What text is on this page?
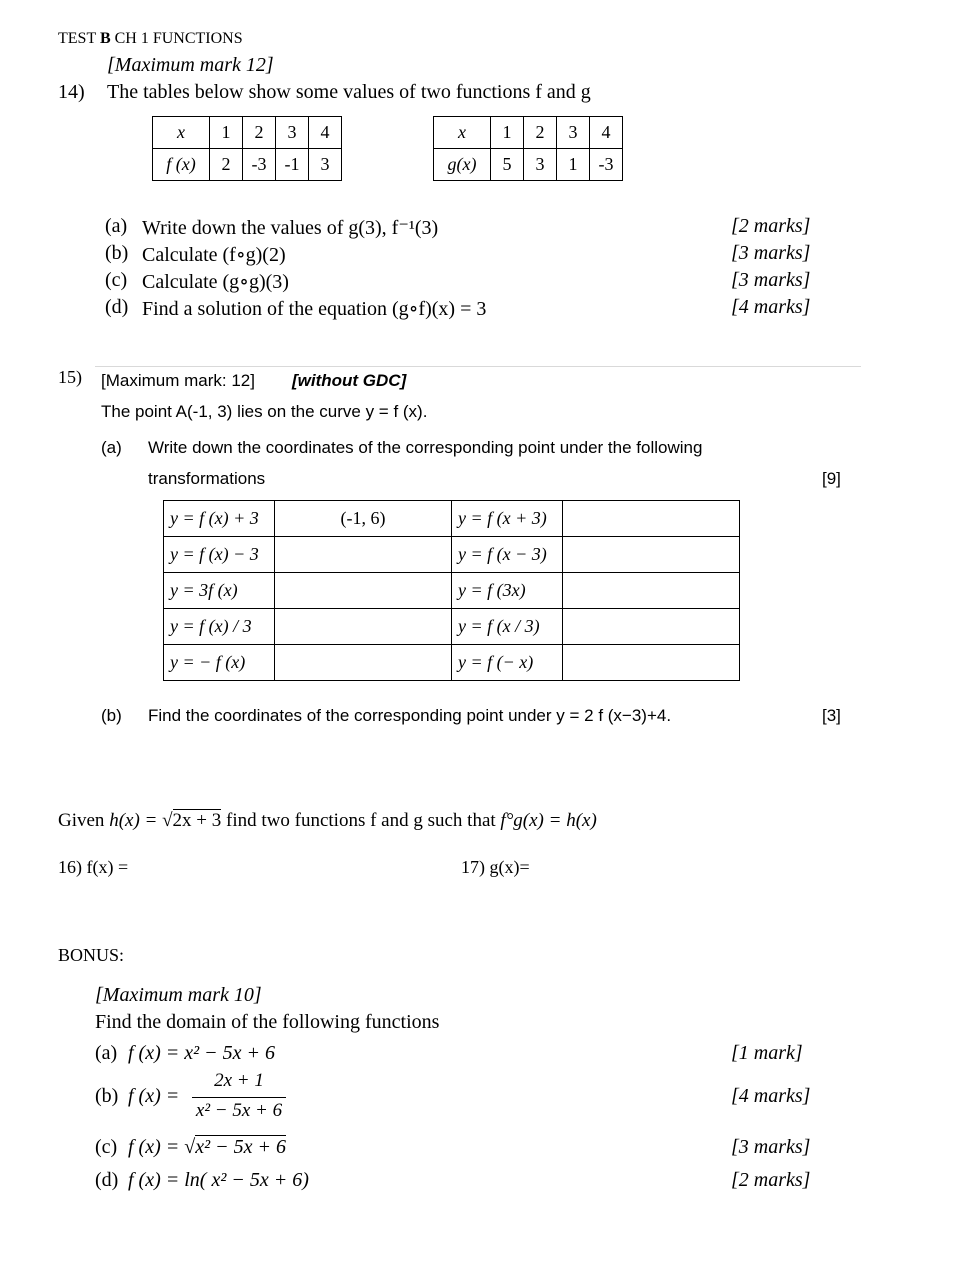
TEST B CH 1 FUNCTIONS
[Maximum mark 12]
14) The tables below show some values of two functions f and g
x	1	2	3	4
f (x)	2	-3	-1	3
x	1	2	3	4
g(x)	5	3	1	-3
(a) Write down the values of g(3), f⁻¹(3)	[2 marks]
(b) Calculate (f∘g)(2)	[3 marks]
(c) Calculate (g∘g)(3)	[3 marks]
(d) Find a solution of the equation (g∘f)(x) = 3	[4 marks]
15) [Maximum mark: 12] [without GDC]
The point A(-1, 3) lies on the curve y = f (x).
(a) Write down the coordinates of the corresponding point under the following
transformations	[9]
y = f (x) + 3	(-1, 6)	y = f (x + 3)	
y = f (x) − 3		y = f (x − 3)	
y = 3f (x)		y = f (3x)	
y = f (x) / 3		y = f (x / 3)	
y = − f (x)		y = f (− x)	
(b) Find the coordinates of the corresponding point under y = 2 f (x−3)+4.	[3]
Given h(x) = √2x + 3 find two functions f and g such that f°g(x) = h(x)
16) f(x) =	17) g(x)=
BONUS:
[Maximum mark 10]
Find the domain of the following functions
(a) f (x) = x² − 5x + 6	[1 mark]
(b) f (x) =
2x + 1
x² − 5x + 6
[4 marks]
(c) f (x) = √x² − 5x + 6	[3 marks]
(d) f (x) = ln( x² − 5x + 6)	[2 marks]
